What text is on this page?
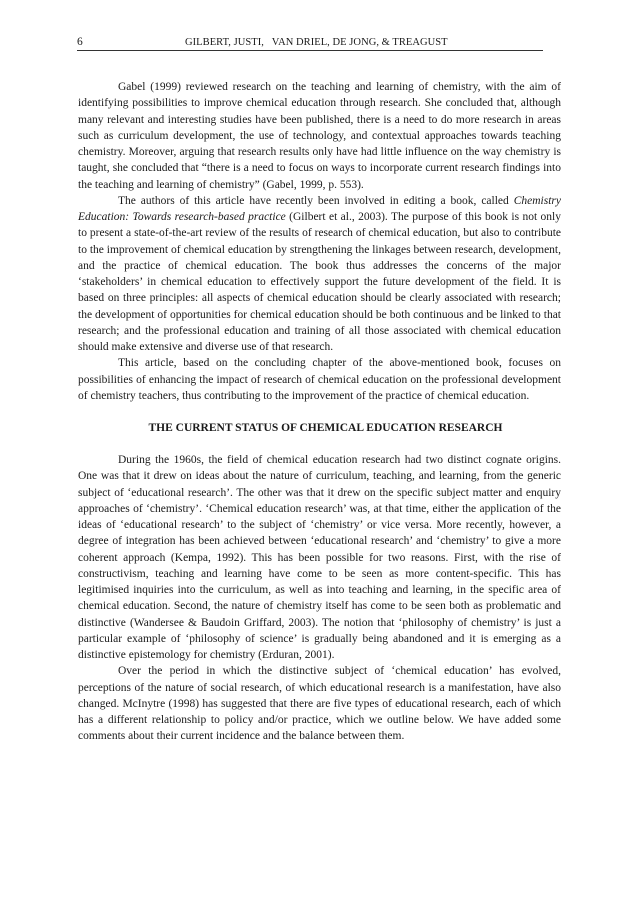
6	GILBERT, JUSTI,   VAN DRIEL, DE JONG, & TREAGUST

Gabel (1999) reviewed research on the teaching and learning of chemistry, with the aim of identifying possibilities to improve chemical education through research. She concluded that, although many relevant and interesting studies have been published, there is a need to do more research in areas such as curriculum development, the use of technology, and contextual approaches towards teaching chemistry. Moreover, arguing that research results only have had little influence on the way chemistry is taught, she concluded that “there is a need to focus on ways to incorporate current research findings into the teaching and learning of chemistry” (Gabel, 1999, p. 553).

The authors of this article have recently been involved in editing a book, called Chemistry Education: Towards research-based practice (Gilbert et al., 2003). The purpose of this book is not only to present a state-of-the-art review of the results of research of chemical education, but also to contribute to the improvement of chemical education by strengthening the linkages between research, development, and the practice of chemical education. The book thus addresses the concerns of the major ‘stakeholders’ in chemical education to effectively support the future development of the field. It is based on three principles: all aspects of chemical education should be clearly associated with research; the development of opportunities for chemical education should be both continuous and be linked to that research; and the professional education and training of all those associated with chemical education should make extensive and diverse use of that research.

This article, based on the concluding chapter of the above-mentioned book, focuses on possibilities of enhancing the impact of research of chemical education on the professional development of chemistry teachers, thus contributing to the improvement of the practice of chemical education.

THE CURRENT STATUS OF CHEMICAL EDUCATION RESEARCH

During the 1960s, the field of chemical education research had two distinct cognate origins. One was that it drew on ideas about the nature of curriculum, teaching, and learning, from the generic subject of ‘educational research’. The other was that it drew on the specific subject matter and enquiry approaches of ‘chemistry’. ‘Chemical education research’ was, at that time, either the application of the ideas of ‘educational research’ to the subject of ‘chemistry’ or vice versa. More recently, however, a degree of integration has been achieved between ‘educational research’ and ‘chemistry’ to give a more coherent approach (Kempa, 1992). This has been possible for two reasons. First, with the rise of constructivism, teaching and learning have come to be seen as more content-specific. This has legitimised inquiries into the curriculum, as well as into teaching and learning, in the specific area of chemical education. Second, the nature of chemistry itself has come to be seen both as problematic and distinctive (Wandersee & Baudoin Griffard, 2003). The notion that ‘philosophy of chemistry’ is just a particular example of ‘philosophy of science’ is gradually being abandoned and it is emerging as a distinctive epistemology for chemistry (Erduran, 2001).

Over the period in which the distinctive subject of ‘chemical education’ has evolved, perceptions of the nature of social research, of which educational research is a manifestation, have also changed. McInytre (1998) has suggested that there are five types of educational research, each of which has a different relationship to policy and/or practice, which we outline below. We have added some comments about their current incidence and the balance between them.
